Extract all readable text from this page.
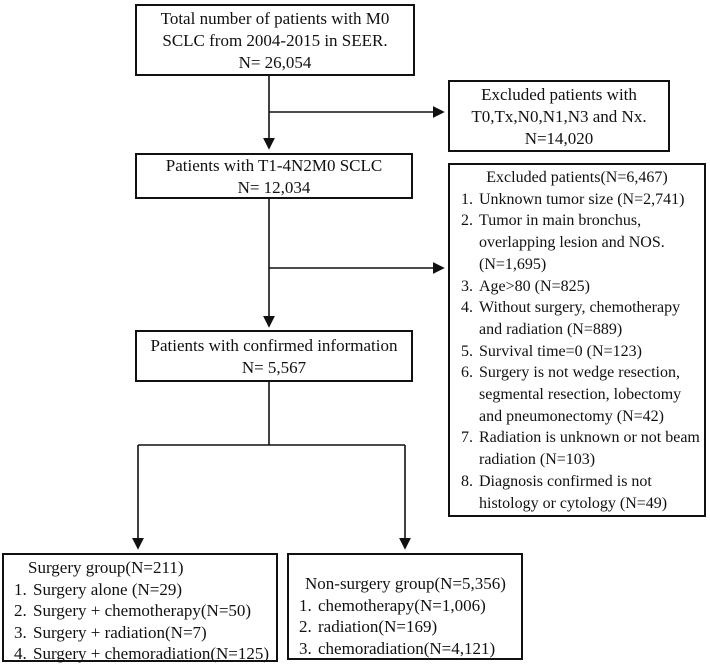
Total number of patients with M0
SCLC from 2004-2015 in SEER.
N= 26,054
Excluded patients with
T0,Tx,N0,N1,N3 and Nx.
N=14,020
Patients with T1-4N2M0 SCLC
N= 12,034
Excluded patients(N=6,467)
1. Unknown tumor size (N=2,741)
2. Tumor in main bronchus, overlapping lesion and NOS. (N=1,695)
3. Age>80 (N=825)
4. Without surgery, chemotherapy and radiation (N=889)
5. Survival time=0 (N=123)
6. Surgery is not wedge resection, segmental resection, lobectomy and pneumonectomy (N=42)
7. Radiation is unknown or not beam radiation (N=103)
8. Diagnosis confirmed is not histology or cytology (N=49)
Patients with confirmed information
N= 5,567
Surgery group(N=211)
1. Surgery alone (N=29)
2. Surgery + chemotherapy(N=50)
3. Surgery + radiation(N=7)
4. Surgery + chemoradiation(N=125)
Non-surgery group(N=5,356)
1. chemotherapy(N=1,006)
2. radiation(N=169)
3. chemoradiation(N=4,121)
